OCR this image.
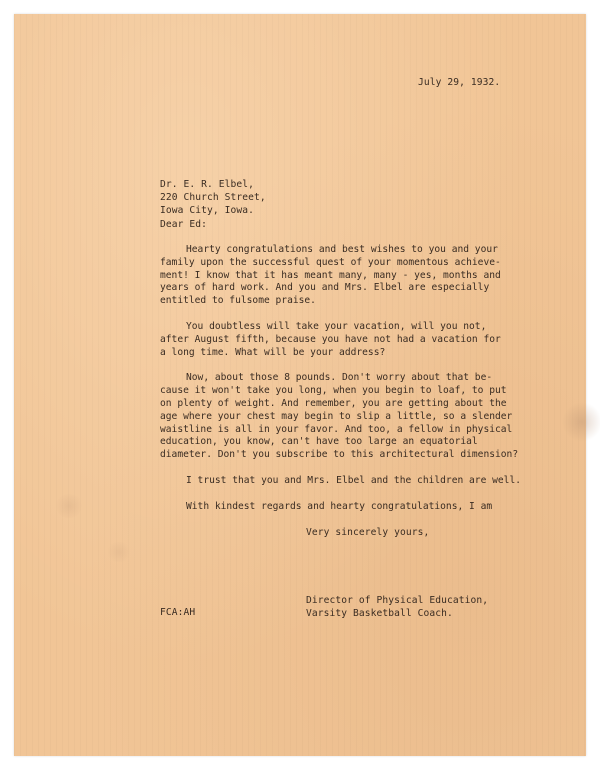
July 29, 1932.
Dr. E. R. Elbel,
220 Church Street,
Iowa City, Iowa.
Dear Ed:

Hearty congratulations and best wishes to you and your
family upon the successful quest of your momentous achieve-
ment! I know that it has meant many, many - yes, months and
years of hard work. And you and Mrs. Elbel are especially
entitled to fulsome praise.

You doubtless will take your vacation, will you not,
after August fifth, because you have not had a vacation for
a long time. What will be your address?

Now, about those 8 pounds. Don't worry about that be-
cause it won't take you long, when you begin to loaf, to put
on plenty of weight. And remember, you are getting about the
age where your chest may begin to slip a little, so a slender
waistline is all in your favor. And too, a fellow in physical
education, you know, can't have too large an equatorial
diameter. Don't you subscribe to this architectural dimension?

I trust that you and Mrs. Elbel and the children are well.

With kindest regards and hearty congratulations, I am

Very sincerely yours,
Director of Physical Education,
Varsity Basketball Coach.
FCA:AH
